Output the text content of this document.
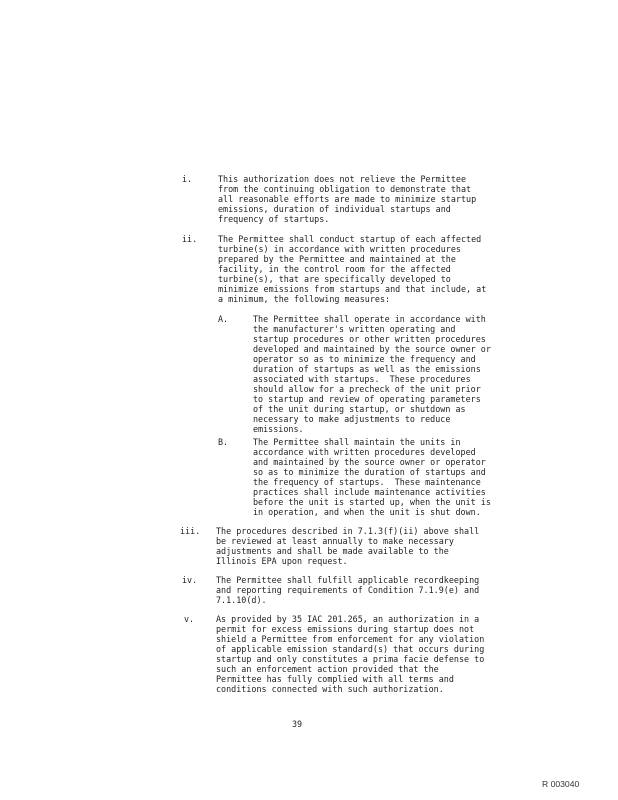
i.	This authorization does not relieve the Permittee
from the continuing obligation to demonstrate that
all reasonable efforts are made to minimize startup
emissions, duration of individual startups and
frequency of startups.
ii. The Permittee shall conduct startup of each affected
turbine(s) in accordance with written procedures
prepared by the Permittee and maintained at the
facility, in the control room for the affected
turbine(s), that are specifically developed to
minimize emissions from startups and that include, at
a minimum, the following measures:
A.	The Permittee shall operate in accordance with
the manufacturer's written operating and
startup procedures or other written procedures
developed and maintained by the source owner or
operator so as to minimize the frequency and
duration of startups as well as the emissions
associated with startups.  These procedures
should allow for a precheck of the unit prior
to startup and review of operating parameters
of the unit during startup, or shutdown as
necessary to make adjustments to reduce
emissions.
B.	The Permittee shall maintain the units in
accordance with written procedures developed
and maintained by the source owner or operator
so as to minimize the duration of startups and
the frequency of startups.  These maintenance
practices shall include maintenance activities
before the unit is started up, when the unit is
in operation, and when the unit is shut down.
iii. The procedures described in 7.1.3(f)(ii) above shall
be reviewed at least annually to make necessary
adjustments and shall be made available to the
Illinois EPA upon request.
iv. The Permittee shall fulfill applicable recordkeeping
and reporting requirements of Condition 7.1.9(e) and
7.1.10(d).
v.	As provided by 35 IAC 201.265, an authorization in a
permit for excess emissions during startup does not
shield a Permittee from enforcement for any violation
of applicable emission standard(s) that occurs during
startup and only constitutes a prima facie defense to
such an enforcement action provided that the
Permittee has fully complied with all terms and
conditions connected with such authorization.
39
R 003040
